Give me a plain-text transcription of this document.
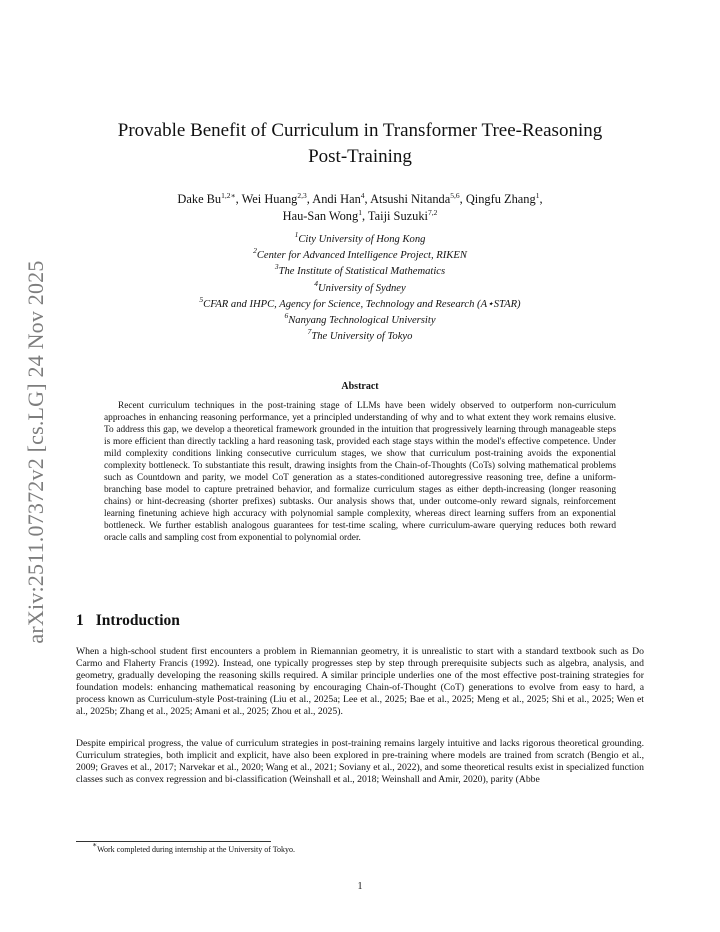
arXiv:2511.07372v2 [cs.LG] 24 Nov 2025
Provable Benefit of Curriculum in Transformer Tree-Reasoning
Post-Training
Dake $Bu^{1,2∗}$, Wei Huang$^{2,3}$, Andi Han$^4$, Atsushi Nitanda$^{5,6}$, Qingfu Zhang$^1$,
Hau-San Wong$^1$, Taiji Suzuki$^{7,2}$
$^1$City University of Hong Kong
$^2$Center for Advanced Intelligence Project, RIKEN
$^3$The Institute of Statistical Mathematics
$^4$University of Sydney
$^5$CFAR and IHPC, Agency for Science, Technology and Research (A⋆STAR)
$^6$Nanyang Technological University
$^7$The University of Tokyo
Abstract

Recent curriculum techniques in the post-training stage of LLMs have been widely observed to outperform non-curriculum approaches in enhancing reasoning performance, yet a principled understanding of why and to what extent they work remains elusive. To address this gap, we develop a theoretical framework grounded in the intuition that progressively learning through manageable steps is more efficient than directly tackling a hard reasoning task, provided each stage stays within the model's effective competence. Under mild complexity conditions linking consecutive curriculum stages, we show that curriculum post-training avoids the exponential complexity bottleneck. To substantiate this result, drawing insights from the Chain-of-Thoughts (CoTs) solving mathematical problems such as Countdown and parity, we model CoT generation as a states-conditioned autoregressive reasoning tree, define a uniform-branching base model to capture pretrained behavior, and formalize curriculum stages as either depth-increasing (longer reasoning chains) or hint-decreasing (shorter prefixes) subtasks. Our analysis shows that, under outcome-only reward signals, reinforcement learning finetuning achieve high accuracy with polynomial sample complexity, whereas direct learning suffers from an exponential bottleneck. We further establish analogous guarantees for test-time scaling, where curriculum-aware querying reduces both reward oracle calls and sampling cost from exponential to polynomial order.

1 Introduction

When a high-school student first encounters a problem in Riemannian geometry, it is unrealistic to start with a standard textbook such as Do Carmo and Flaherty Francis (1992). Instead, one typically progresses step by step through prerequisite subjects such as algebra, analysis, and geometry, gradually developing the reasoning skills required. A similar principle underlies one of the most effective post-training strategies for foundation models: enhancing mathematical reasoning by encouraging Chain-of-Thought (CoT) generations to evolve from easy to hard, a process known as Curriculum-style Post-training (Liu et al., 2025a; Lee et al., 2025; Bae et al., 2025; Meng et al., 2025; Shi et al., 2025; Wen et al., 2025b; Zhang et al., 2025; Amani et al., 2025; Zhou et al., 2025).

Despite empirical progress, the value of curriculum strategies in post-training remains largely intuitive and lacks rigorous theoretical grounding. Curriculum strategies, both implicit and explicit, have also been explored in pre-training where models are trained from scratch (Bengio et al., 2009; Graves et al., 2017; Narvekar et al., 2020; Wang et al., 2021; Soviany et al., 2022), and some theoretical results exist in specialized function classes such as convex regression and bi-classification (Weinshall et al., 2018; Weinshall and Amir, 2020), parity (Abbe

∗Work completed during internship at the University of Tokyo.
1
